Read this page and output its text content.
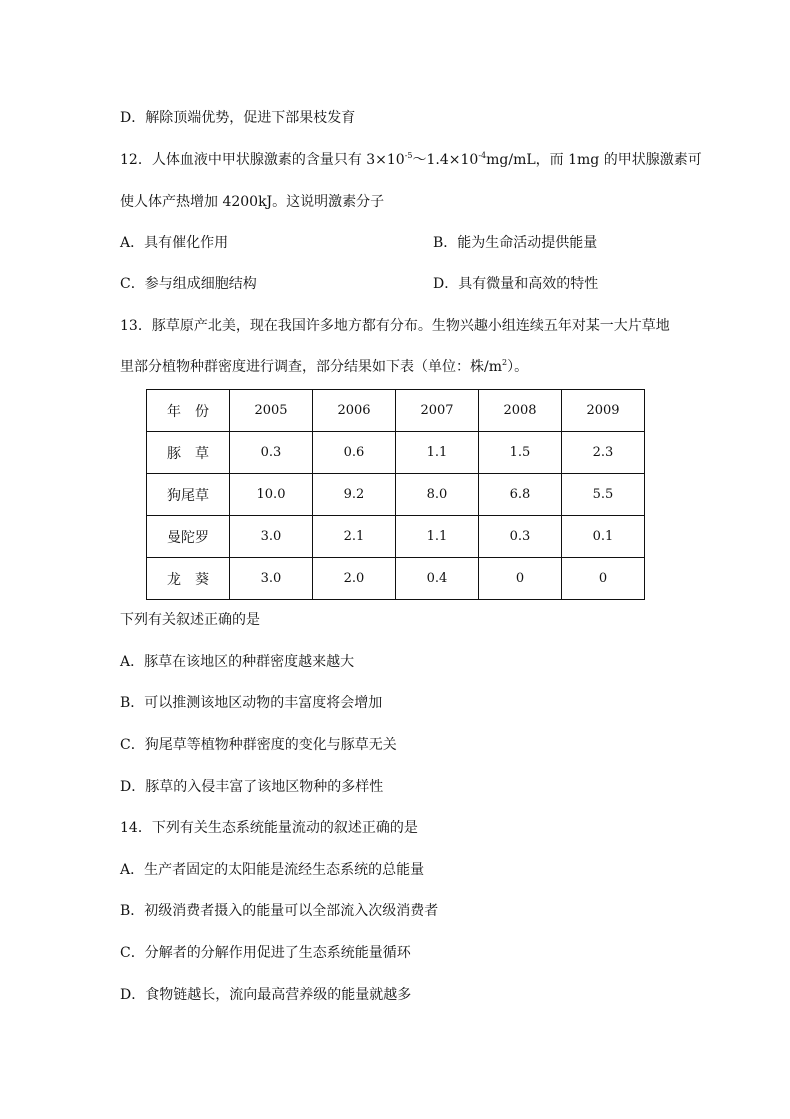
D．解除顶端优势，促进下部果枝发育
12．人体血液中甲状腺激素的含量只有 $3\times 10^{-5}\sim 1.4\times 10^{-4}mg/mL$，而 1mg 的甲状腺激素可
使人体产热增加 4200kJ。这说明激素分子
A．具有催化作用	B．能为生命活动提供能量
C．参与组成细胞结构	D．具有微量和高效的特性
13．豚草原产北美，现在我国许多地方都有分布。生物兴趣小组连续五年对某一大片草地
里部分植物种群密度进行调查，部分结果如下表（单位：株$/m^2$）。
年　份	2005	2006	2007	2008	2009
豚　草	0.3	0.6	1.1	1.5	2.3
狗尾草	10.0	9.2	8.0	6.8	5.5
曼陀罗	3.0	2.1	1.1	0.3	0.1
龙　葵	3.0	2.0	0.4	0	0
下列有关叙述正确的是
A．豚草在该地区的种群密度越来越大
B．可以推测该地区动物的丰富度将会增加
C．狗尾草等植物种群密度的变化与豚草无关
D．豚草的入侵丰富了该地区物种的多样性
14．下列有关生态系统能量流动的叙述正确的是
A．生产者固定的太阳能是流经生态系统的总能量
B．初级消费者摄入的能量可以全部流入次级消费者
C．分解者的分解作用促进了生态系统能量循环
D．食物链越长，流向最高营养级的能量就越多
